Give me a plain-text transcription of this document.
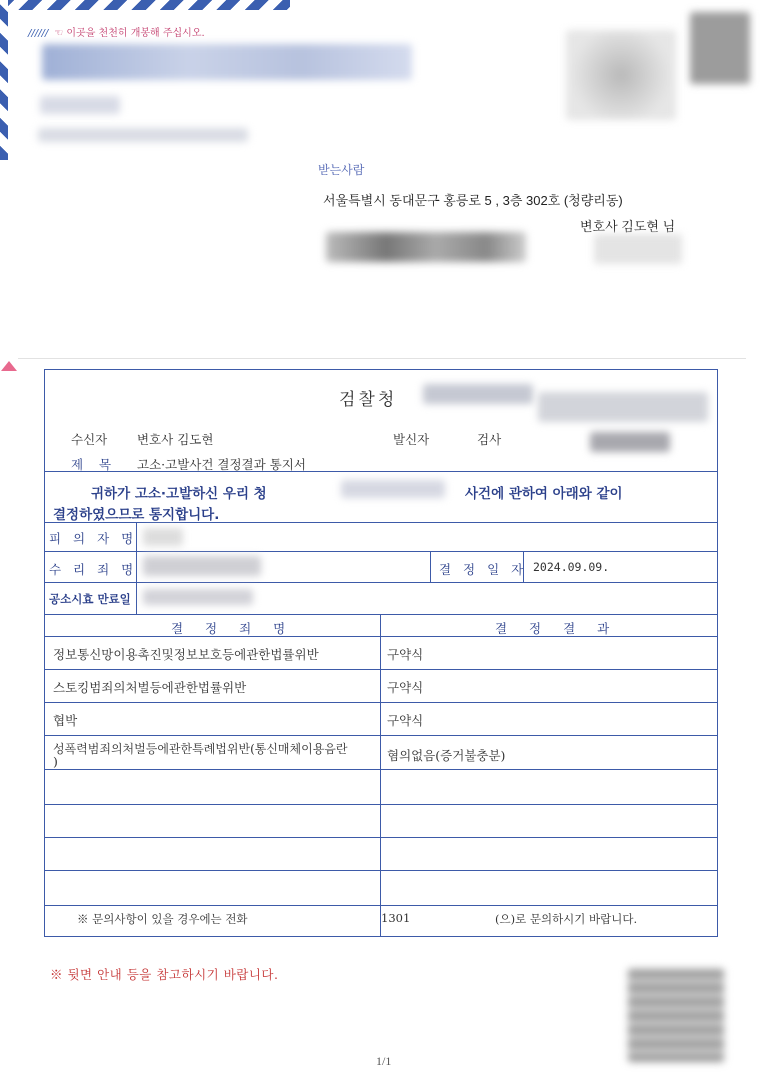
////// ☜ 이곳을 천천히 개봉해 주십시오.
받는사람
서울특별시 동대문구 홍릉로 5 , 3층 302호 (청량리동)
변호사 김도현 님
검찰청
수신자 변호사 김도현	발신자	검사
제 목 고소·고발사건 결정결과 통지서
귀하가 고소·고발하신 우리 청	사건에 관하여 아래와 같이
결정하였으므로 통지합니다.
피 의 자 명
수 리 죄 명	결 정 일 자 2024.09.09.
공소시효 만료일
결 정 죄 명	결 정 결 과
정보통신망이용촉진및정보보호등에관한법률위반	구약식
스토킹범죄의처벌등에관한법률위반	구약식
협박	구약식
성폭력범죄의처벌등에관한특례법위반(통신매체이용음란
)	혐의없음(증거불충분)
※ 문의사항이 있을 경우에는 전화	1301	(으)로 문의하시기 바랍니다.
※ 뒷면 안내 등을 참고하시기 바랍니다.
1/1
